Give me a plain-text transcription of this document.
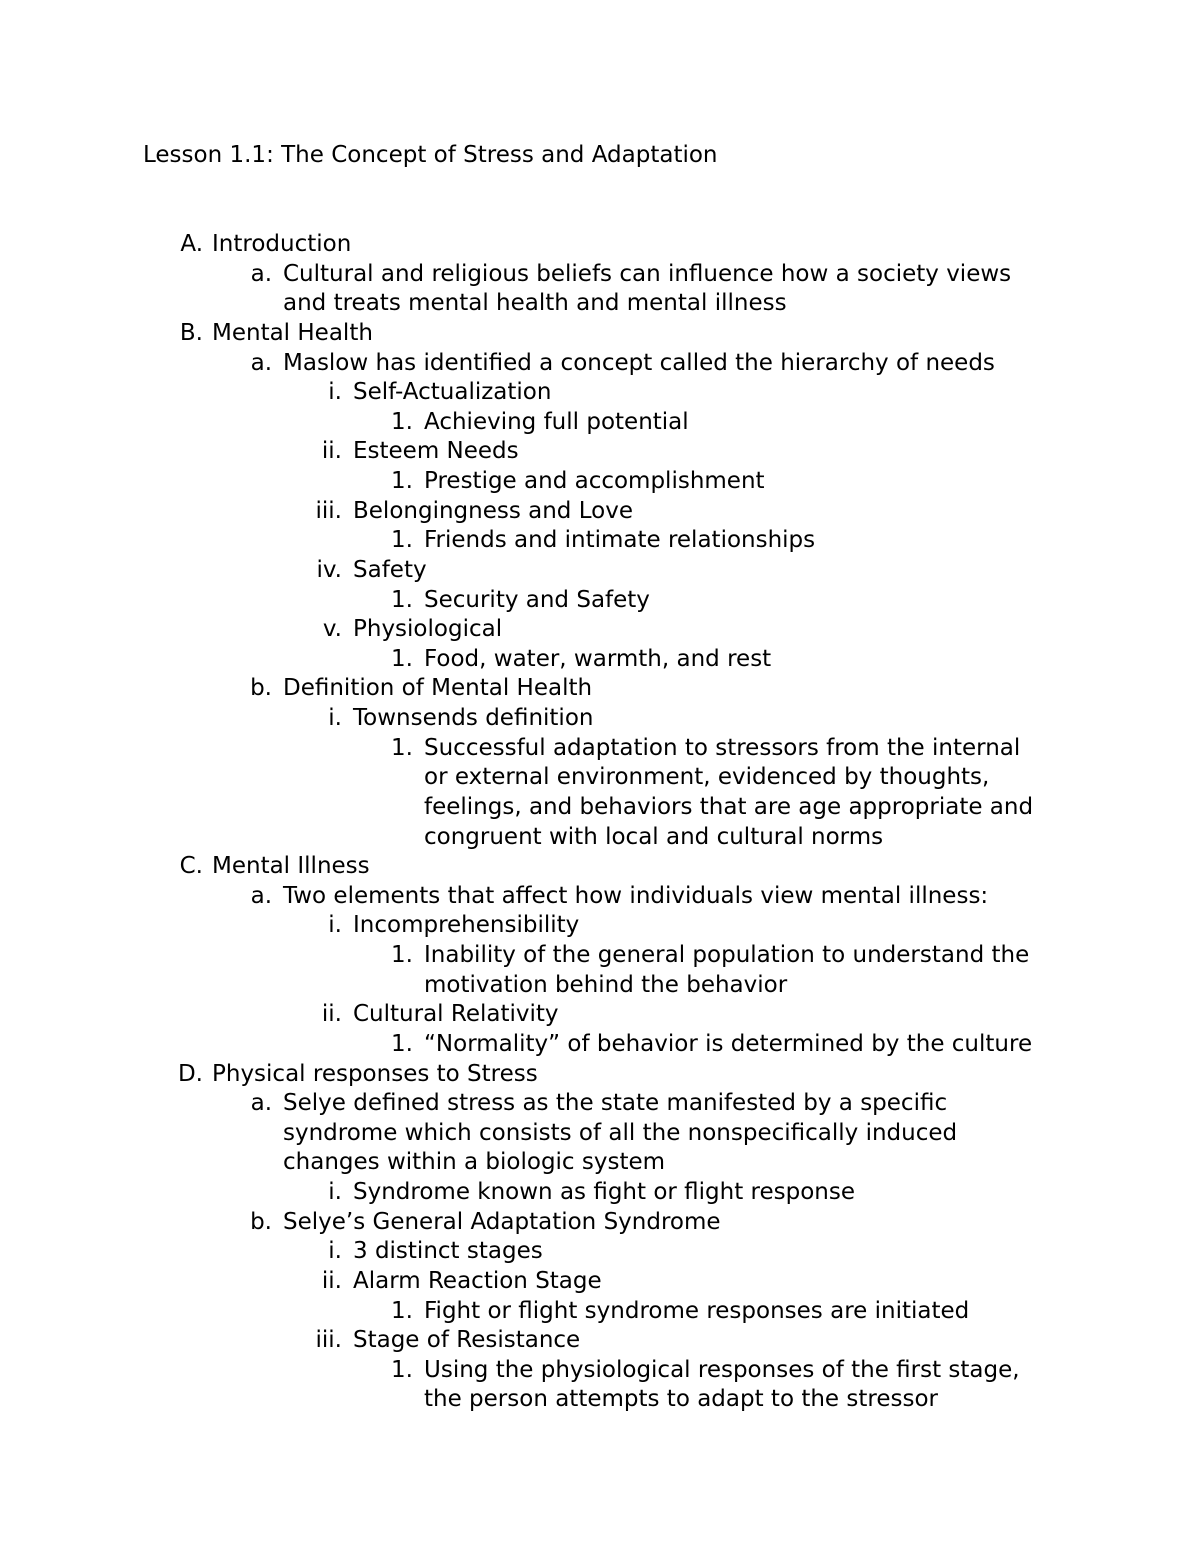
Lesson 1.1: The Concept of Stress and Adaptation
A. Introduction
a. Cultural and religious beliefs can influence how a society views
and treats mental health and mental illness
B. Mental Health
a. Maslow has identified a concept called the hierarchy of needs
i. Self-Actualization
1. Achieving full potential
ii. Esteem Needs
1. Prestige and accomplishment
iii. Belongingness and Love
1. Friends and intimate relationships
iv. Safety
1. Security and Safety
v. Physiological
1. Food, water, warmth, and rest
b. Definition of Mental Health
i. Townsends definition
1. Successful adaptation to stressors from the internal
or external environment, evidenced by thoughts,
feelings, and behaviors that are age appropriate and
congruent with local and cultural norms
C. Mental Illness
a. Two elements that affect how individuals view mental illness:
i. Incomprehensibility
1. Inability of the general population to understand the
motivation behind the behavior
ii. Cultural Relativity
1. “Normality” of behavior is determined by the culture
D. Physical responses to Stress
a. Selye defined stress as the state manifested by a specific
syndrome which consists of all the nonspecifically induced
changes within a biologic system
i. Syndrome known as fight or flight response
b. Selye’s General Adaptation Syndrome
i. 3 distinct stages
ii. Alarm Reaction Stage
1. Fight or flight syndrome responses are initiated
iii. Stage of Resistance
1. Using the physiological responses of the first stage,
the person attempts to adapt to the stressor
